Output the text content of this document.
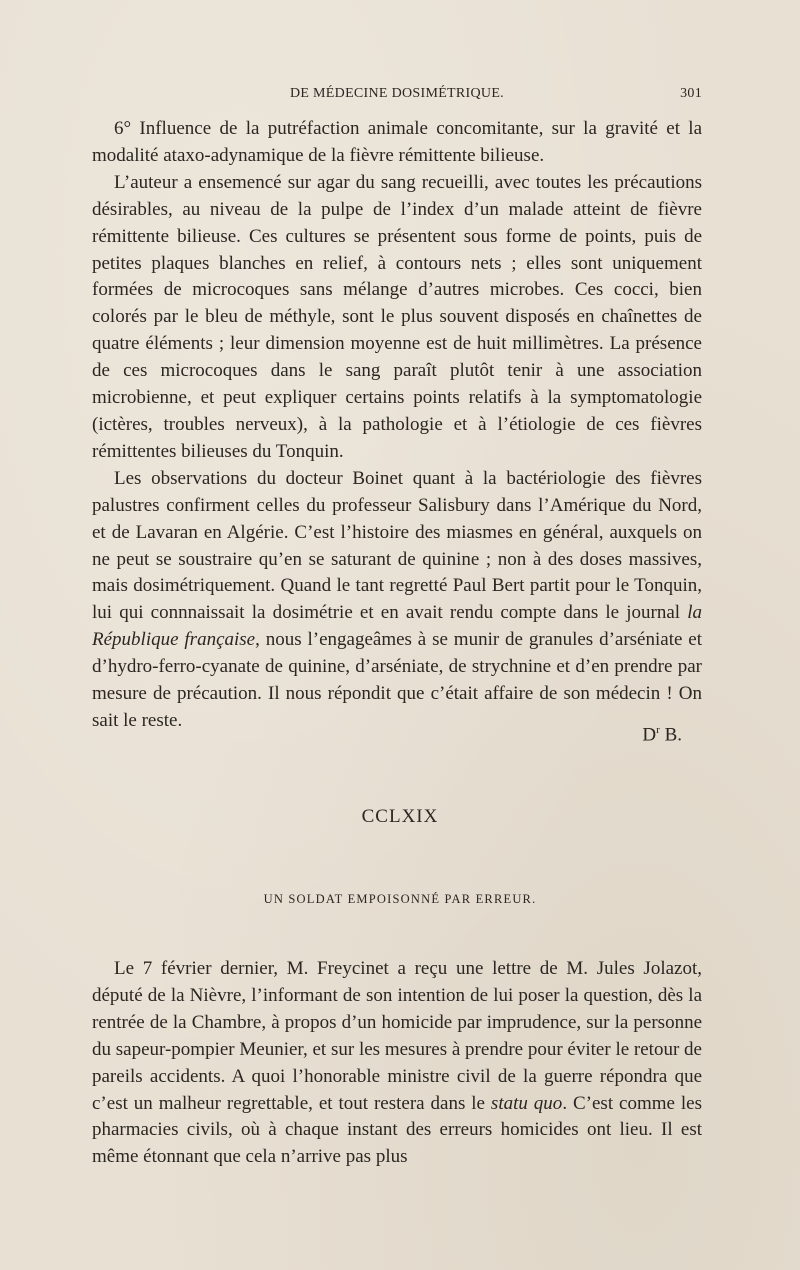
DE MÉDECINE DOSIMÉTRIQUE.	301

6° Influence de la putréfaction animale concomitante, sur la gravité et la modalité ataxo-adynamique de la fièvre rémittente bilieuse.

L’auteur a ensemencé sur agar du sang recueilli, avec toutes les précautions désirables, au niveau de la pulpe de l’index d’un malade atteint de fièvre rémittente bilieuse. Ces cultures se présentent sous forme de points, puis de petites plaques blanches en relief, à contours nets ; elles sont uniquement formées de microcoques sans mélange d’autres microbes. Ces cocci, bien colorés par le bleu de méthyle, sont le plus souvent disposés en chaînettes de quatre éléments ; leur dimension moyenne est de huit millimètres. La présence de ces microcoques dans le sang paraît plutôt tenir à une association microbienne, et peut expliquer certains points relatifs à la symptomatologie (ictères, troubles nerveux), à la pathologie et à l’étiologie de ces fièvres rémittentes bilieuses du Tonquin.

Les observations du docteur Boinet quant à la bactériologie des fièvres palustres confirment celles du professeur Salisbury dans l’Amérique du Nord, et de Lavaran en Algérie. C’est l’histoire des miasmes en général, auxquels on ne peut se soustraire qu’en se saturant de quinine ; non à des doses massives, mais dosimétriquement. Quand le tant regretté Paul Bert partit pour le Tonquin, lui qui connnaissait la dosimétrie et en avait rendu compte dans le journal la République française, nous l’engageâmes à se munir de granules d’arséniate et d’hydro-ferro-cyanate de quinine, d’arséniate, de strychnine et d’en prendre par mesure de précaution. Il nous répondit que c’était affaire de son médecin ! On sait le reste.

$D^r$ B.
CCLXIX
UN SOLDAT EMPOISONNÉ PAR ERREUR.

Le 7 février dernier, M. Freycinet a reçu une lettre de M. Jules Jolazot, député de la Nièvre, l’informant de son intention de lui poser la question, dès la rentrée de la Chambre, à propos d’un homicide par imprudence, sur la personne du sapeur-pompier Meunier, et sur les mesures à prendre pour éviter le retour de pareils accidents. A quoi l’honorable ministre civil de la guerre répondra que c’est un malheur regrettable, et tout restera dans le statu quo. C’est comme les pharmacies civils, où à chaque instant des erreurs homicides ont lieu. Il est même étonnant que cela n’arrive pas plus
